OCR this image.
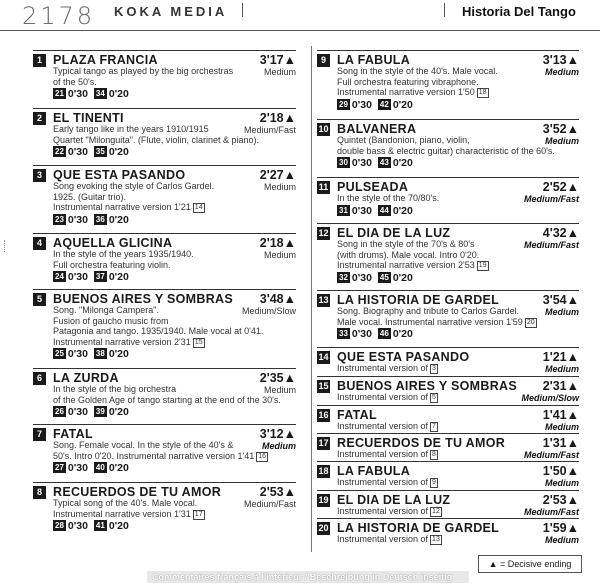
2178 KOKA MEDIA	Historia Del Tango
1 PLAZA FRANCIA	3'17▲
Medium
Typical tango as played by the big orchestras
of the 50's.
21 0'30 34 0'20
2 EL TINENTI	2'18▲
Medium/Fast
Early tango like in the years 1910/1915
Quartet "Milonguita". (Flute, violin, clarinet & piano).
22 0'30 35 0'20
3 QUE ESTA PASANDO	2'27▲
Medium
Song evoking the style of Carlos Gardel.
1925. (Guitar trio).
Instrumental narrative version 1'21 14
23 0'30 36 0'20
4 AQUELLA GLICINA	2'18▲
Medium
In the style of the years 1935/1940.
Full orchestra featuring violin.
24 0'30 37 0'20
5 BUENOS AIRES Y SOMBRAS 3'48▲
Medium/Slow
Song. "Milonga Campera".
Fusion of gaucho music from
Patagonia and tango. 1935/1940. Male vocal at 0'41.
Instrumental narrative version 2'31 15
25 0'30 38 0'20
6 LA ZURDA	2'35▲
Medium
In the style of the big orchestra
of the Golden Age of tango starting at the end of the 30's.
26 0'30 39 0'20
7 FATAL	3'12▲
Medium
Song. Female vocal. In the style of the 40's &
50's. Intro 0'20. Instrumental narrative version 1'41 16
27 0'30 40 0'20
8 RECUERDOS DE TU AMOR	2'53▲
Medium/Fast
Typical song of the 40's. Male vocal.
Instrumental narrative version 1'31 17
28 0'30 41 0'20
9 LA FABULA	3'13▲
Medium
Song in the style of the 40's. Male vocal.
Full orchestra featuring vibraphone.
Instrumental narrative version 1'50 18
29 0'30 42 0'20
10 BALVANERA	3'52▲
Medium
Quintet (Bandonion, piano, violin,
double bass & electric guitar) characteristic of the 60's.
30 0'30 43 0'20
11 PULSEADA	2'52▲
Medium/Fast
In the style of the 70/80's.
31 0'30 44 0'20
12 EL DIA DE LA LUZ	4'32▲
Medium/Fast
Song in the style of the 70's & 80's
(with drums). Male vocal. Intro 0'20.
Instrumental narrative version 2'53 19
32 0'30 45 0'20
13 LA HISTORIA DE GARDEL	3'54▲
Medium
Song. Biography and tribute to Carlos Gardel.
Male vocal. Instrumental narrative version 1'59 20
33 0'30 46 0'20
14 QUE ESTA PASANDO	1'21▲
Medium
Instrumental version of 3
15 BUENOS AIRES Y SOMBRAS 2'31▲
Medium/Slow
Instrumental version of 5
16 FATAL	1'41▲
Medium
Instrumental version of 7
17 RECUERDOS DE TU AMOR	1'31▲
Medium/Fast
Instrumental version of 8
18 LA FABULA	1'50▲
Medium
Instrumental version of 9
19 EL DIA DE LA LUZ	2'53▲
Medium/Fast
Instrumental version of 12
20 LA HISTORIA DE GARDEL	1'59▲
Medium
Instrumental version of 13
▲ = Decisive ending
Commentaires français à l'intérieur / Beschreibung in Deutsch inseitig
